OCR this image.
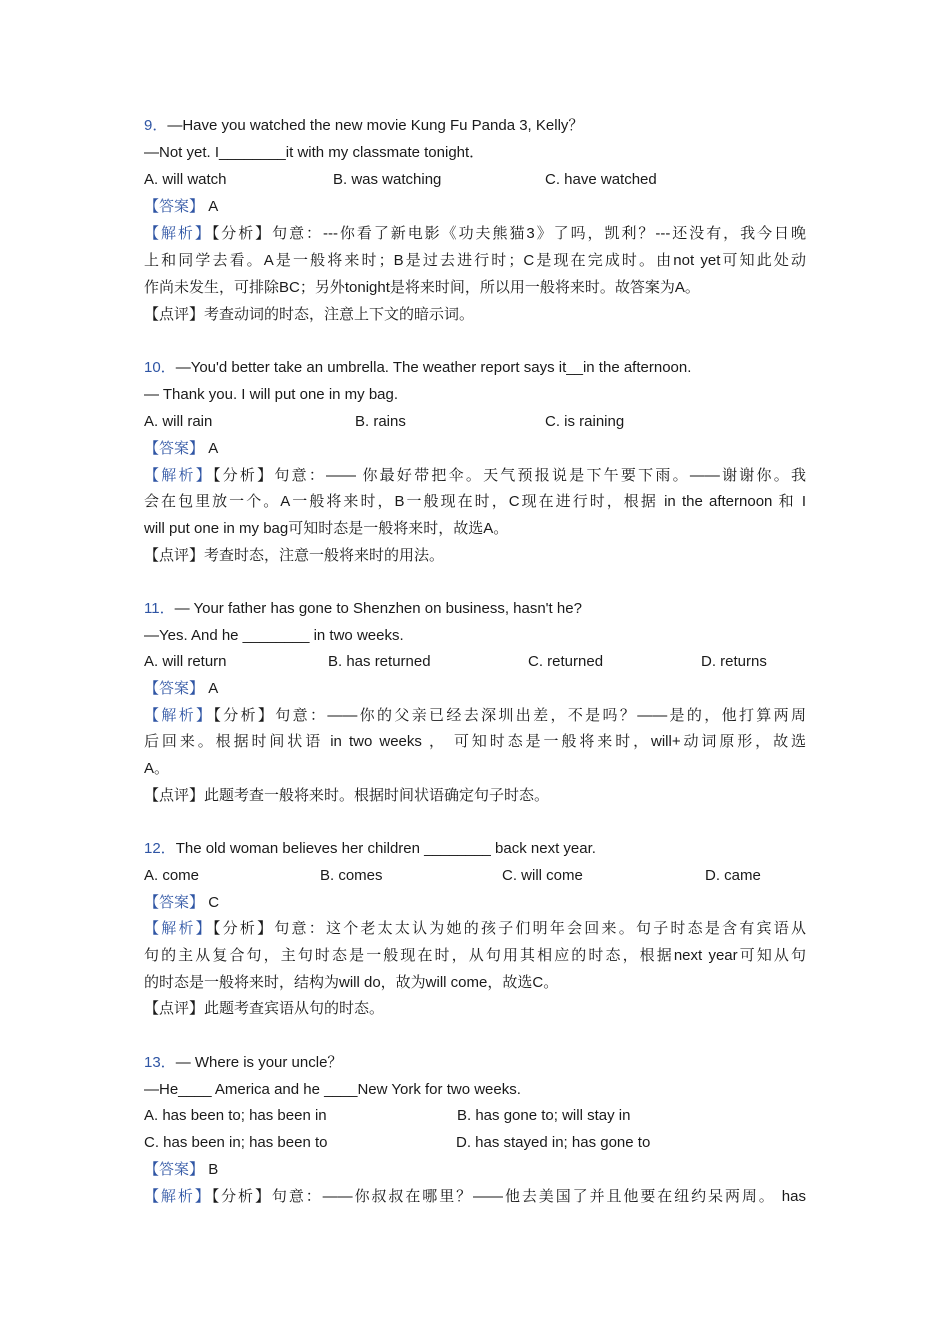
9．—Have you watched the new movie Kung Fu Panda 3, Kelly？
—Not yet. I________it with my classmate tonight．
A. will watch	B. was watching	C. have watched
【答案】 A
【解析】【分析】句意：---你看了新电影《功夫熊猫3》了吗，凯利？---还没有，我今日晚
上和同学去看。A是一般将来时；B是过去进行时；C是现在完成时。由not yet可知此处动
作尚未发生，可排除BC；另外tonight是将来时间，所以用一般将来时。故答案为A。
【点评】考查动词的时态，注意上下文的暗示词。
10．—You'd better take an umbrella. The weather report says it__in the afternoon.
— Thank you. I will put one in my bag.
A. will rain	B. rains	C. is raining
【答案】 A
【解析】【分析】句意：—— 你最好带把伞。天气预报说是下午要下雨。——谢谢你。我
会在包里放一个。A一般将来时，B一般现在时，C现在进行时，根据 in the afternoon 和 I
will put one in my bag可知时态是一般将来时，故选A。
【点评】考查时态，注意一般将来时的用法。
11．— Your father has gone to Shenzhen on business, hasn't he?
—Yes. And he ________ in two weeks.
A. will return	B. has returned	C. returned	D. returns
【答案】 A
【解析】【分析】句意：——你的父亲已经去深圳出差，不是吗？——是的，他打算两周
后回来。根据时间状语 in two weeks ， 可知时态是一般将来时，will+动词原形，故选
A。
【点评】此题考查一般将来时。根据时间状语确定句子时态。
12．The old woman believes her children ________ back next year.
A. come	B. comes	C. will come	D. came
【答案】 C
【解析】【分析】句意：这个老太太认为她的孩子们明年会回来。句子时态是含有宾语从
句的主从复合句，主句时态是一般现在时，从句用其相应的时态，根据next year可知从句
的时态是一般将来时，结构为will do，故为will come，故选C。
【点评】此题考查宾语从句的时态。
13．— Where is your uncle？
—He____ America and he ____New York for two weeks.
A. has been to; has been in	B. has gone to; will stay in
C. has been in; has been to	D. has stayed in; has gone to
【答案】 B
【解析】【分析】句意：——你叔叔在哪里？——他去美国了并且他要在纽约呆两周。 has
